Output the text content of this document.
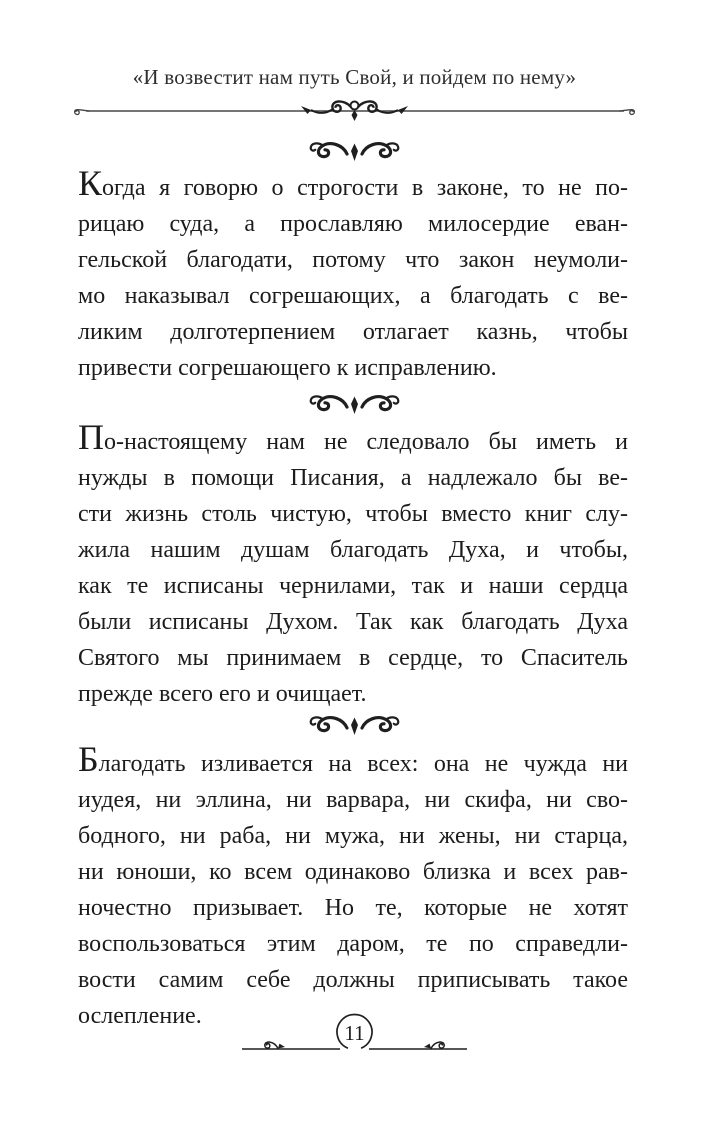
«И возвестит нам путь Свой, и пойдем по нему»
Когда я говорю о строгости в законе, то не по-
рицаю суда, а прославляю милосердие еван-
гельской благодати, потому что закон неумоли-
мо наказывал согрешающих, а благодать с ве-
ликим долготерпением отлагает казнь, чтобы
привести согрешающего к исправлению.
По-настоящему нам не следовало бы иметь и
нужды в помощи Писания, а надлежало бы ве-
сти жизнь столь чистую, чтобы вместо книг слу-
жила нашим душам благодать Духа, и чтобы,
как те исписаны чернилами, так и наши сердца
были исписаны Духом. Так как благодать Духа
Святого мы принимаем в сердце, то Спаситель
прежде всего его и очищает.
Благодать изливается на всех: она не чужда ни
иудея, ни эллина, ни варвара, ни скифа, ни сво-
бодного, ни раба, ни мужа, ни жены, ни старца,
ни юноши, ко всем одинаково близка и всех рав-
ночестно призывает. Но те, которые не хотят
воспользоваться этим даром, те по справедли-
вости самим себе должны приписывать такое
ослепление.
11
